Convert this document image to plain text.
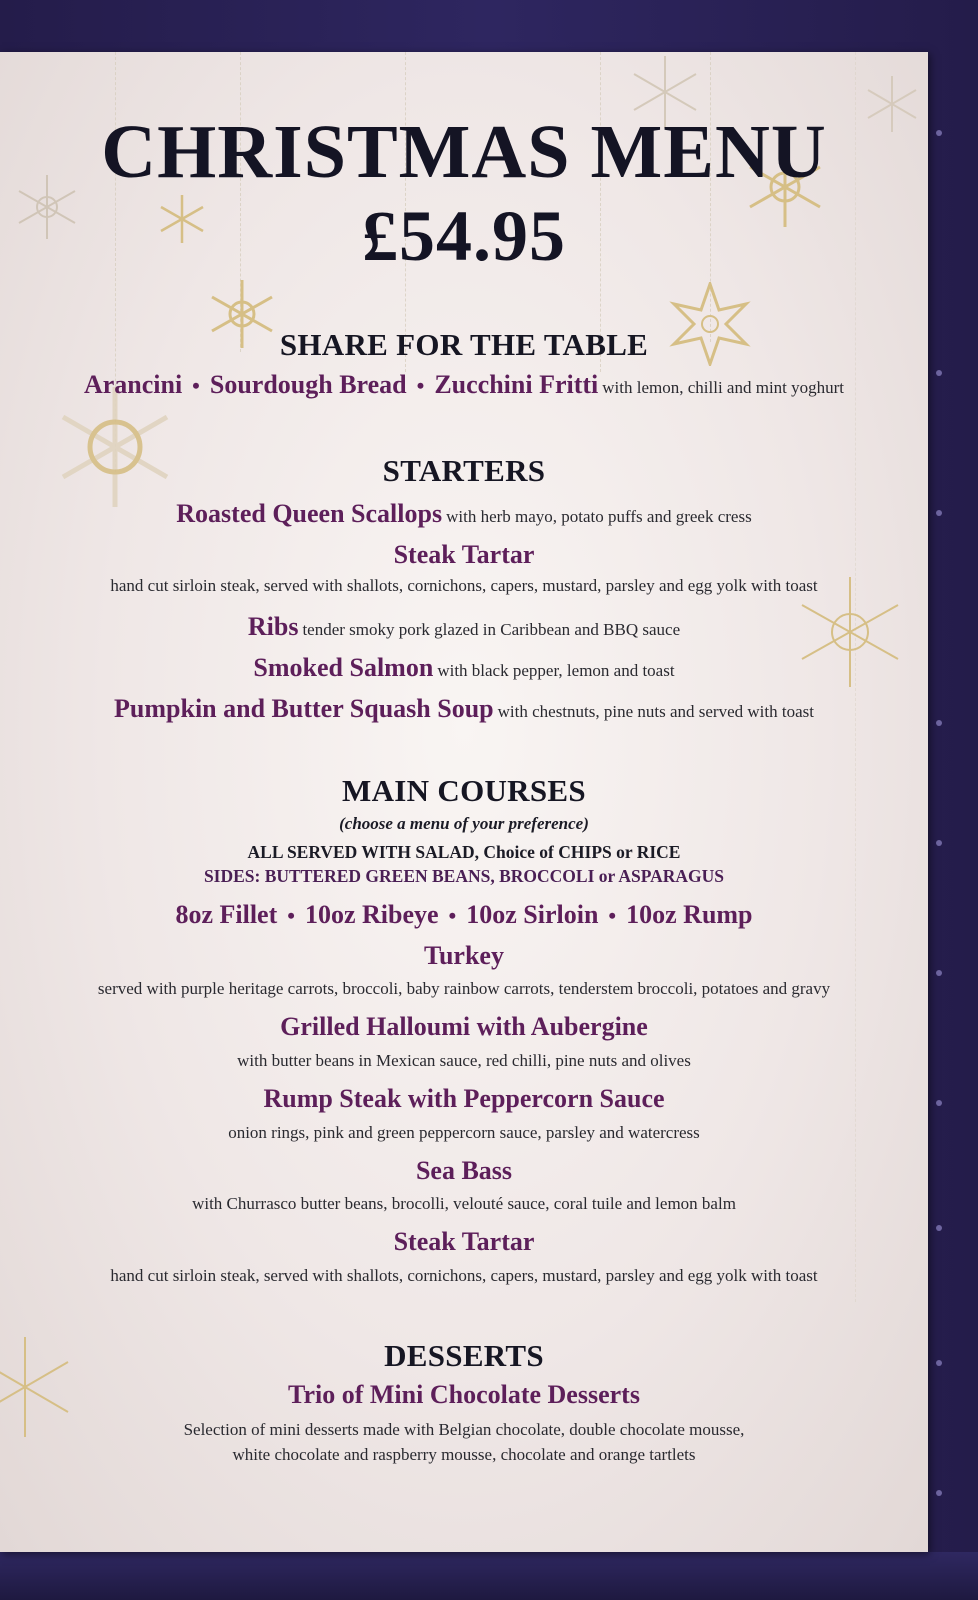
CHRISTMAS MENU
£54.95
SHARE FOR THE TABLE
Arancini • Sourdough Bread • Zucchini Fritti with lemon, chilli and mint yoghurt
STARTERS
Roasted Queen Scallops with herb mayo, potato puffs and greek cress
Steak Tartar
hand cut sirloin steak, served with shallots, cornichons, capers, mustard, parsley and egg yolk with toast
Ribs tender smoky pork glazed in Caribbean and BBQ sauce
Smoked Salmon with black pepper, lemon and toast
Pumpkin and Butter Squash Soup with chestnuts, pine nuts and served with toast
MAIN COURSES
(choose a menu of your preference)
ALL SERVED WITH SALAD, Choice of CHIPS or RICE
SIDES: BUTTERED GREEN BEANS, BROCCOLI or ASPARAGUS
8oz Fillet • 10oz Ribeye • 10oz Sirloin • 10oz Rump
Turkey
served with purple heritage carrots, broccoli, baby rainbow carrots, tenderstem broccoli, potatoes and gravy
Grilled Halloumi with Aubergine
with butter beans in Mexican sauce, red chilli, pine nuts and olives
Rump Steak with Peppercorn Sauce
onion rings, pink and green peppercorn sauce, parsley and watercress
Sea Bass
with Churrasco butter beans, brocolli, velouté sauce, coral tuile and lemon balm
Steak Tartar
hand cut sirloin steak, served with shallots, cornichons, capers, mustard, parsley and egg yolk with toast
DESSERTS
Trio of Mini Chocolate Desserts
Selection of mini desserts made with Belgian chocolate, double chocolate mousse,
white chocolate and raspberry mousse, chocolate and orange tartlets
